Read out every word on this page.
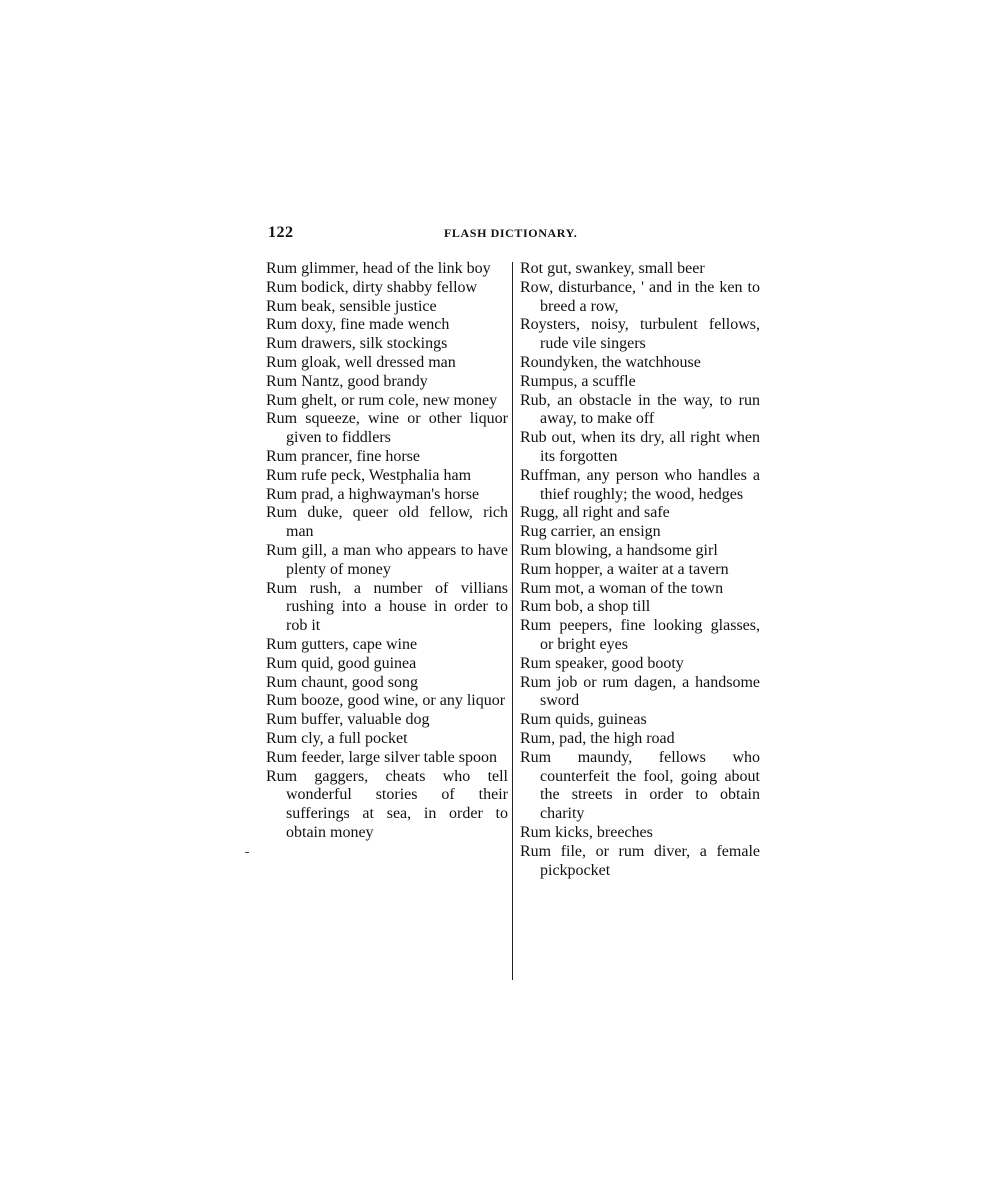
122	FLASH DICTIONARY.

Rum glimmer, head of the link boy

Rum bodick, dirty shabby fellow

Rum beak, sensible justice

Rum doxy, fine made wench

Rum drawers, silk stockings

Rum gloak, well dressed man

Rum Nantz, good brandy

Rum ghelt, or rum cole, new money

Rum squeeze, wine or other liquor given to fiddlers

Rum prancer, fine horse

Rum rufe peck, Westphalia ham

Rum prad, a highwayman's horse

Rum duke, queer old fellow, rich man

Rum gill, a man who appears to have plenty of money

Rum rush, a number of villians rushing into a house in order to rob it

Rum gutters, cape wine

Rum quid, good guinea

Rum chaunt, good song

Rum booze, good wine, or any liquor

Rum buffer, valuable dog

Rum cly, a full pocket

Rum feeder, large silver table spoon

Rum gaggers, cheats who tell wonderful stories of their sufferings at sea, in order to obtain money

Rot gut, swankey, small beer

Row, disturbance, ' and in the ken to breed a row,

Roysters, noisy, turbulent fellows, rude vile singers

Roundyken, the watchhouse

Rumpus, a scuffle

Rub, an obstacle in the way, to run away, to make off

Rub out, when its dry, all right when its forgotten

Ruffman, any person who handles a thief roughly; the wood, hedges

Rugg, all right and safe

Rug carrier, an ensign

Rum blowing, a handsome girl

Rum hopper, a waiter at a tavern

Rum mot, a woman of the town

Rum bob, a shop till

Rum peepers, fine looking glasses, or bright eyes

Rum speaker, good booty

Rum job or rum dagen, a handsome sword

Rum quids, guineas

Rum, pad, the high road

Rum maundy, fellows who counterfeit the fool, going about the streets in order to obtain charity

Rum kicks, breeches

Rum file, or rum diver, a female pickpocket
